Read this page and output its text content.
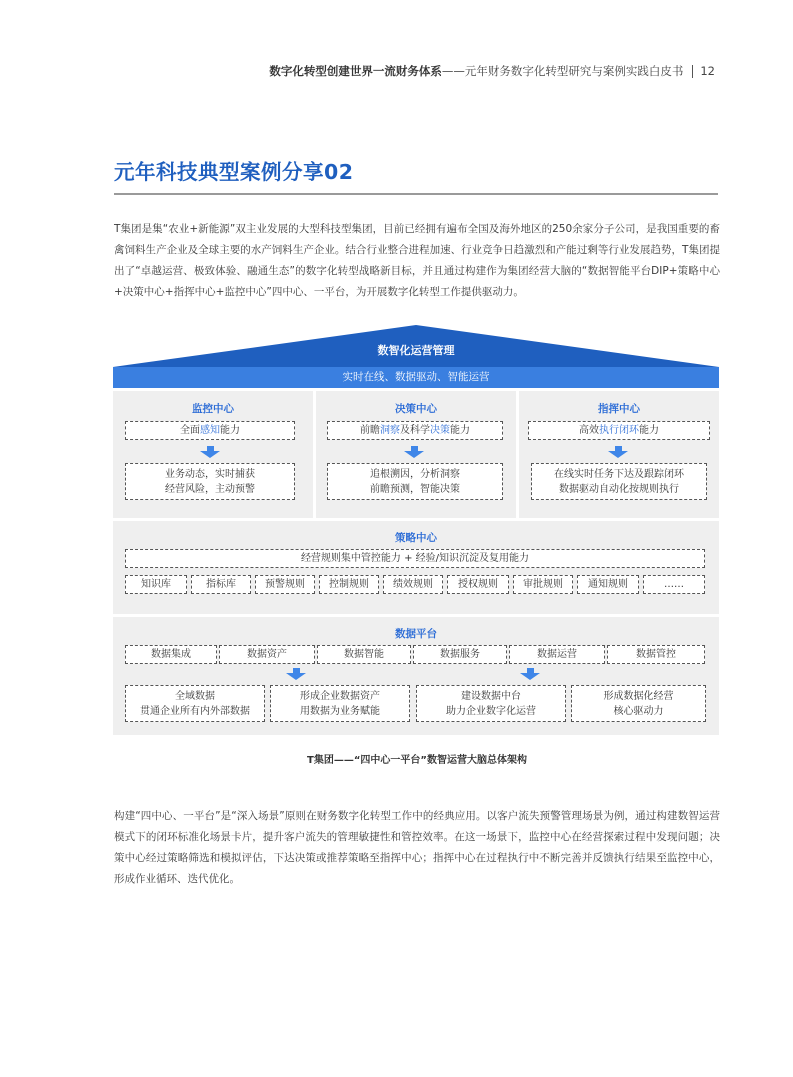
数字化转型创建世界一流财务体系 ——元年财务数字化转型研究与案例实践白皮书 12
元年科技典型案例分享02

T集团是集“农业+新能源”双主业发展的大型科技型集团，目前已经拥有遍布全国及海外地区的250余家分子公司，是我国重要的畜禽饲料生产企业及全球主要的水产饲料生产企业。结合行业整合进程加速、行业竞争日趋激烈和产能过剩等行业发展趋势，T集团提出了“卓越运营、极致体验、融通生态”的数字化转型战略新目标，并且通过构建作为集团经营大脑的“数据智能平台DIP+策略中心+决策中心+指挥中心+监控中心”四中心、一平台，为开展数字化转型工作提供驱动力。

数智化运营管理
实时在线、数据驱动、智能运营
监控中心
全面感知能力
业务动态，实时捕获
经营风险，主动预警
决策中心
前瞻洞察及科学决策能力
追根溯因，分析洞察
前瞻预测，智能决策
指挥中心
高效执行闭环能力
在线实时任务下达及跟踪闭环
数据驱动自动化按规则执行
策略中心
经营规则集中管控能力 + 经验/知识沉淀及复用能力
知识库	指标库	预警规则	控制规则	绩效规则	授权规则	审批规则	通知规则	……
数据平台
数据集成	数据资产	数据智能	数据服务	数据运营	数据管控
全域数据
贯通企业所有内外部数据
形成企业数据资产
用数据为业务赋能
建设数据中台
助力企业数字化运营
形成数据化经营
核心驱动力
T集团——“四中心一平台”数智运营大脑总体架构

构建“四中心、一平台”是“深入场景”原则在财务数字化转型工作中的经典应用。以客户流失预警管理场景为例，通过构建数智运营模式下的闭环标准化场景卡片，提升客户流失的管理敏捷性和管控效率。在这一场景下，监控中心在经营探索过程中发现问题；决策中心经过策略筛选和模拟评估，下达决策或推荐策略至指挥中心；指挥中心在过程执行中不断完善并反馈执行结果至监控中心，形成作业循环、迭代优化。
